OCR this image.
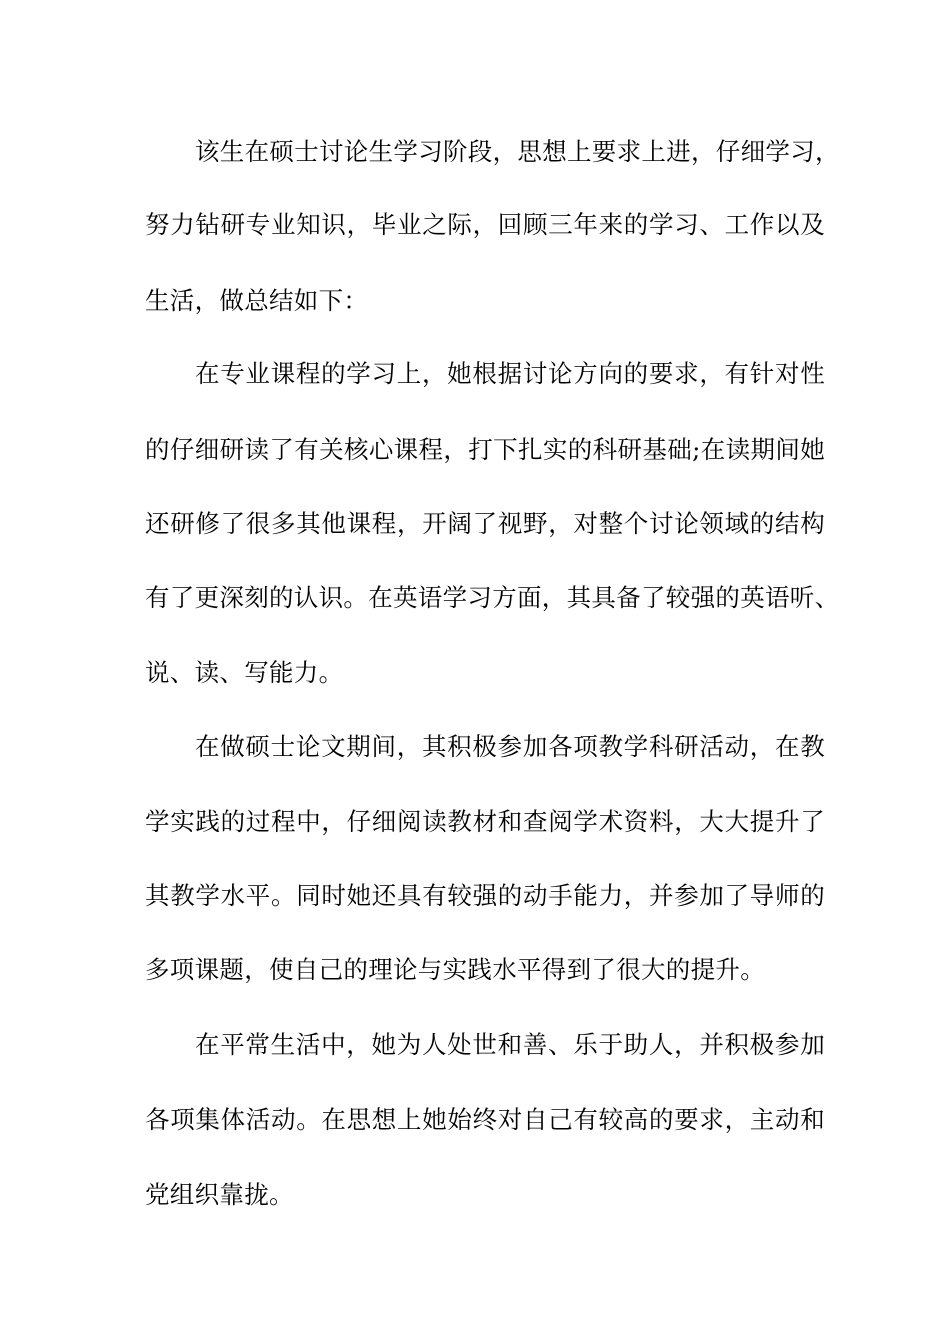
该生在硕士讨论生学习阶段，思想上要求上进，仔细学习，
努力钻研专业知识，毕业之际，回顾三年来的学习、工作以及
生活，做总结如下：
在专业课程的学习上，她根据讨论方向的要求，有针对性
的仔细研读了有关核心课程，打下扎实的科研基础;在读期间她
还研修了很多其他课程，开阔了视野，对整个讨论领域的结构
有了更深刻的认识。在英语学习方面，其具备了较强的英语听、
说、读、写能力。
在做硕士论文期间，其积极参加各项教学科研活动，在教
学实践的过程中，仔细阅读教材和查阅学术资料，大大提升了
其教学水平。同时她还具有较强的动手能力，并参加了导师的
多项课题，使自己的理论与实践水平得到了很大的提升。
在平常生活中，她为人处世和善、乐于助人，并积极参加
各项集体活动。在思想上她始终对自己有较高的要求，主动和
党组织靠拢。
